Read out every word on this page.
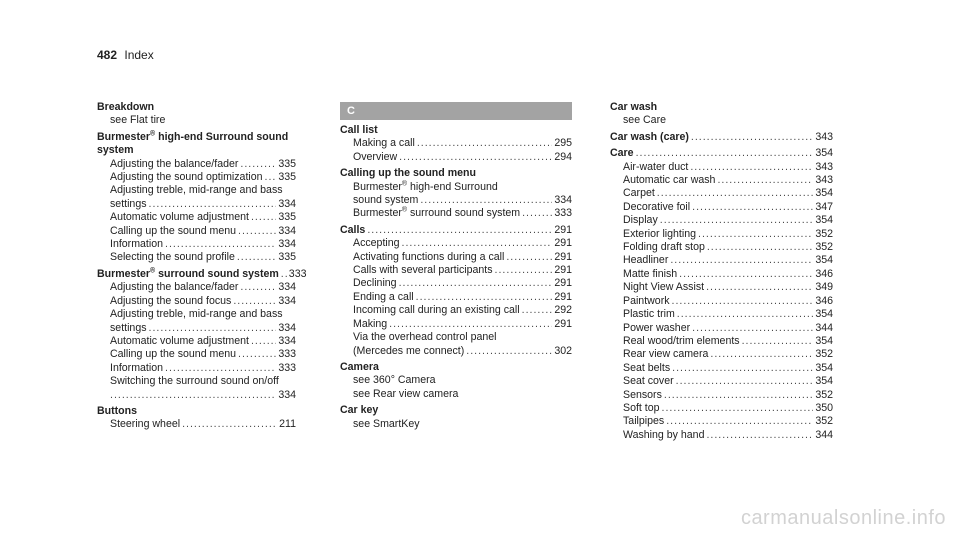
482 Index
Breakdown
see Flat tire
Burmester® high-end Surround sound
system
Adjusting the balance/fader .....	335
Adjusting the sound optimization ..... 335
Adjusting treble, mid-range and bass
settings .....	334
Automatic volume adjustment .....	335
Calling up the sound menu .....	334
Information .....	334
Selecting the sound profile .....	335
Burmester® surround sound system ..... 333
Adjusting the balance/fader .....	334
Adjusting the sound focus .....	334
Adjusting treble, mid-range and bass
settings .....	334
Automatic volume adjustment .....	334
Calling up the sound menu .....	333
Information .....	333
Switching the surround sound on/off
.....
334
Buttons
Steering wheel .....	211
C
Call list
Making a call .....	295
Overview .....	294
Calling up the sound menu
Burmester® high-end Surround
sound system .....	334
Burmester® surround sound system .....	333
Calls .....	291
Accepting .....	291
Activating functions during a call .....	291
Calls with several participants .....	291
Declining .....	291
Ending a call .....	291
Incoming call during an existing call .....	292
Making .....	291
Via the overhead control panel
(Mercedes me connect) .....	302
Camera
see 360° Camera
see Rear view camera
Car key
see SmartKey
Car wash
see Care
Car wash (care) .....	343
Care .....	354
Air-water duct .....	343
Automatic car wash .....	343
Carpet .....	354
Decorative foil .....	347
Display .....	354
Exterior lighting .....	352
Folding draft stop .....	352
Headliner .....	354
Matte finish .....	346
Night View Assist .....	349
Paintwork .....	346
Plastic trim .....	354
Power washer .....	344
Real wood/trim elements .....	354
Rear view camera .....	352
Seat belts .....	354
Seat cover .....	354
Sensors .....	352
Soft top .....	350
Tailpipes .....	352
Washing by hand .....	344
carmanualsonline.info
